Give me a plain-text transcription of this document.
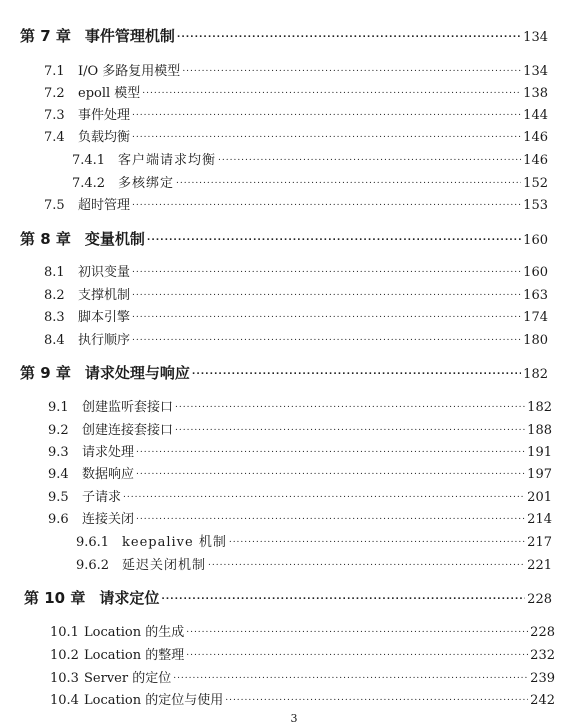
第 7 章 事件管理机制 .....	134
7.1	I/O 多路复用模型 .....	134
7.2	epoll 模型 .....	138
7.3	事件处理 .....	144
7.4	负载均衡 .....	146
7.4.1 客户端请求均衡 .....	146
7.4.2 多核绑定 .....	152
7.5	超时管理 .....	153
第 8 章 变量机制 .....	160
8.1	初识变量 .....	160
8.2	支撑机制 .....	163
8.3	脚本引擎 .....	174
8.4	执行顺序 .....	180
第 9 章 请求处理与响应 .....	182
9.1	创建监听套接口 .....	182
9.2	创建连接套接口 .....	188
9.3	请求处理 .....	191
9.4	数据响应 .....	197
9.5	子请求 .....	201
9.6	连接关闭 .....	214
9.6.1 keepalive 机制 .....	217
9.6.2 延迟关闭机制 .....	221
第 10 章 请求定位 .....	228
10.1 Location 的生成 .....	228
10.2 Location 的整理 .....	232
10.3 Server 的定位 .....	239
10.4 Location 的定位与使用 .....	242
3
